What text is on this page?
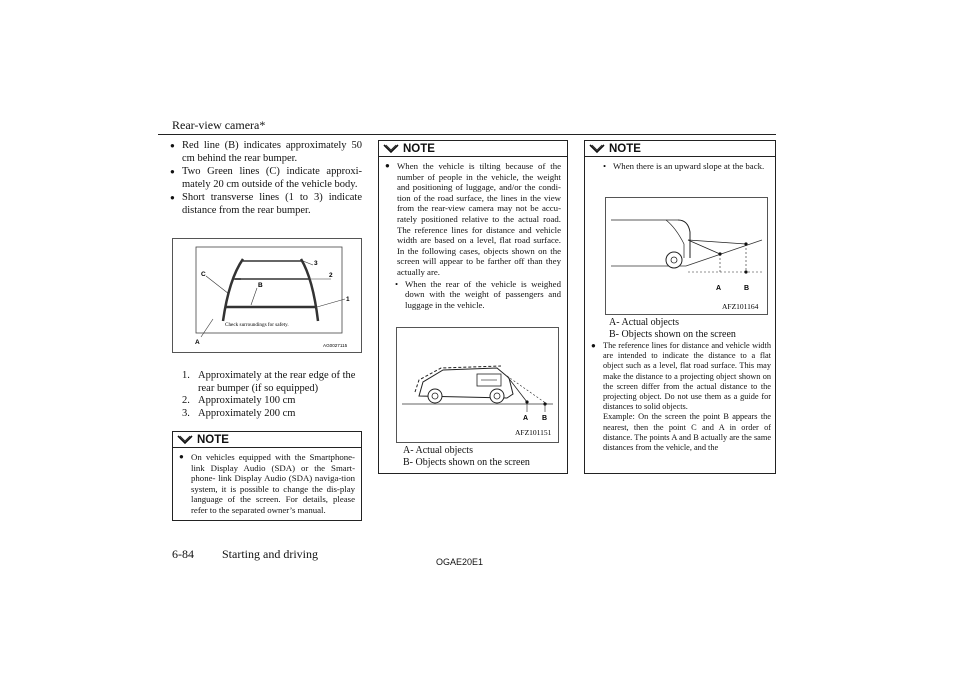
Rear-view camera*
● Red line (B) indicates approximately 50 cm behind the rear bumper.
● Two Green lines (C) indicate approxi-mately 20 cm outside of the vehicle body.
● Short transverse lines (1 to 3) indicate distance from the rear bumper.
C
B
3
2
1
A
Check surroundings for safety.
AG0027115
1. Approximately at the rear edge of the rear bumper (if so equipped)
2. Approximately 100 cm
3. Approximately 200 cm
NOTE
● On vehicles equipped with the Smartphone-link Display Audio (SDA) or the Smart-phone- link Display Audio (SDA) naviga-tion system, it is possible to change the dis-play language of the screen. For details, please refer to the separated owner’s manual.
NOTE
● When the vehicle is tilting because of the number of people in the vehicle, the weight and positioning of luggage, and/or the condi-tion of the road surface, the lines in the view from the rear-view camera may not be accu-rately positioned relative to the actual road. The reference lines for distance and vehicle width are based on a level, flat road surface. In the following cases, objects shown on the screen will appear to be farther off than they actually are.
• When the rear of the vehicle is weighed down with the weight of passengers and luggage in the vehicle.
A B
AFZ101151
A- Actual objects
B- Objects shown on the screen
NOTE
• When there is an upward slope at the back.
A	B
AFZ101164
A- Actual objects
B- Objects shown on the screen
● The reference lines for distance and vehicle width are intended to indicate the distance to a flat object such as a level, flat road surface. This may make the distance to a projecting object shown on the screen differ from the actual distance to the projecting object. Do not use them as a guide for distances to solid objects.
Example: On the screen the point B appears the nearest, then the point C and A in order of distance. The points A and B actually are the same distances from the vehicle, and the
6-84 Starting and driving
OGAE20E1
